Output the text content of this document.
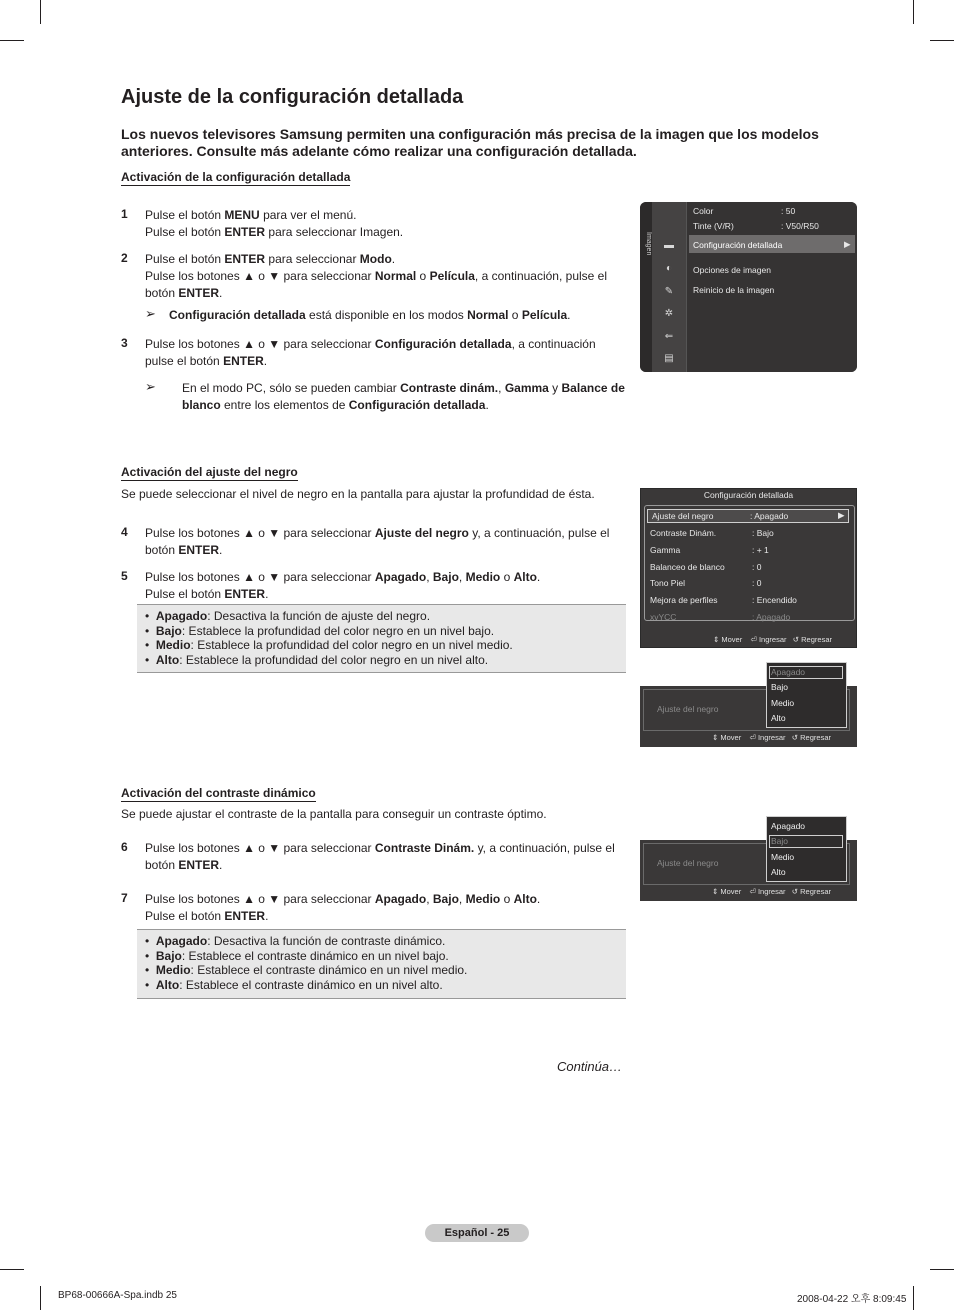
Ajuste de la configuración detallada

Los nuevos televisores Samsung permiten una configuración más precisa de la imagen que los modelos anteriores. Consulte más adelante cómo realizar una configuración detallada.

Activación de la configuración detallada
1 Pulse el botón MENU para ver el menú.
Pulse el botón ENTER para seleccionar Imagen.
2 Pulse el botón ENTER para seleccionar Modo.
Pulse los botones ▲ o ▼ para seleccionar Normal o Película, a continuación, pulse el botón ENTER.
➢ Configuración detallada está disponible en los modos Normal o Película.
3 Pulse los botones ▲ o ▼ para seleccionar Configuración detallada, a continuación pulse el botón ENTER.
➢ En el modo PC, sólo se pueden cambiar Contraste dinám., Gamma y Balance de blanco entre los elementos de Configuración detallada.
Imagen ▬
◐
✎
✲
⇐
▤
Color	: 50
Tinte (V/R)	: V50/R50
Configuración detallada	▶
Opciones de imagen
Reinicio de la imagen
Activación del ajuste del negro
Se puede seleccionar el nivel de negro en la pantalla para ajustar la profundidad de ésta.
4 Pulse los botones ▲ o ▼ para seleccionar Ajuste del negro y, a continuación, pulse el botón ENTER.
5 Pulse los botones ▲ o ▼ para seleccionar Apagado, Bajo, Medio o Alto.
Pulse el botón ENTER.
•  Apagado: Desactiva la función de ajuste del negro.
•  Bajo: Establece la profundidad del color negro en un nivel bajo.
•  Medio: Establece la profundidad del color negro en un nivel medio.
•  Alto: Establece la profundidad del color negro en un nivel alto.
Configuración detallada
Ajuste del negro	: Apagado	▶
Contraste Dinám.	: Bajo
Gamma	: + 1
Balanceo de blanco	: 0
Tono Piel	: 0
Mejora de perfiles	: Encendido
xvYCC	: Apagado
⇕ Mover ⏎ Ingresar ↺ Regresar
Ajuste del negro
⇕ Mover ⏎ Ingresar ↺ Regresar
Apagado
Bajo
Medio
Alto
Activación del contraste dinámico
Se puede ajustar el contraste de la pantalla para conseguir un contraste óptimo.
6 Pulse los botones ▲ o ▼ para seleccionar Contraste Dinám. y, a continuación, pulse el botón ENTER.
7 Pulse los botones ▲ o ▼ para seleccionar Apagado, Bajo, Medio o Alto.
Pulse el botón ENTER.
•  Apagado: Desactiva la función de contraste dinámico.
•  Bajo: Establece el contraste dinámico en un nivel bajo.
•  Medio: Establece el contraste dinámico en un nivel medio.
•  Alto: Establece el contraste dinámico en un nivel alto.
Ajuste del negro
⇕ Mover ⏎ Ingresar ↺ Regresar
Apagado
Bajo
Medio
Alto
Continúa…
Español - 25
BP68-00666A-Spa.indb 25	2008-04-22 오후 8:09:45
